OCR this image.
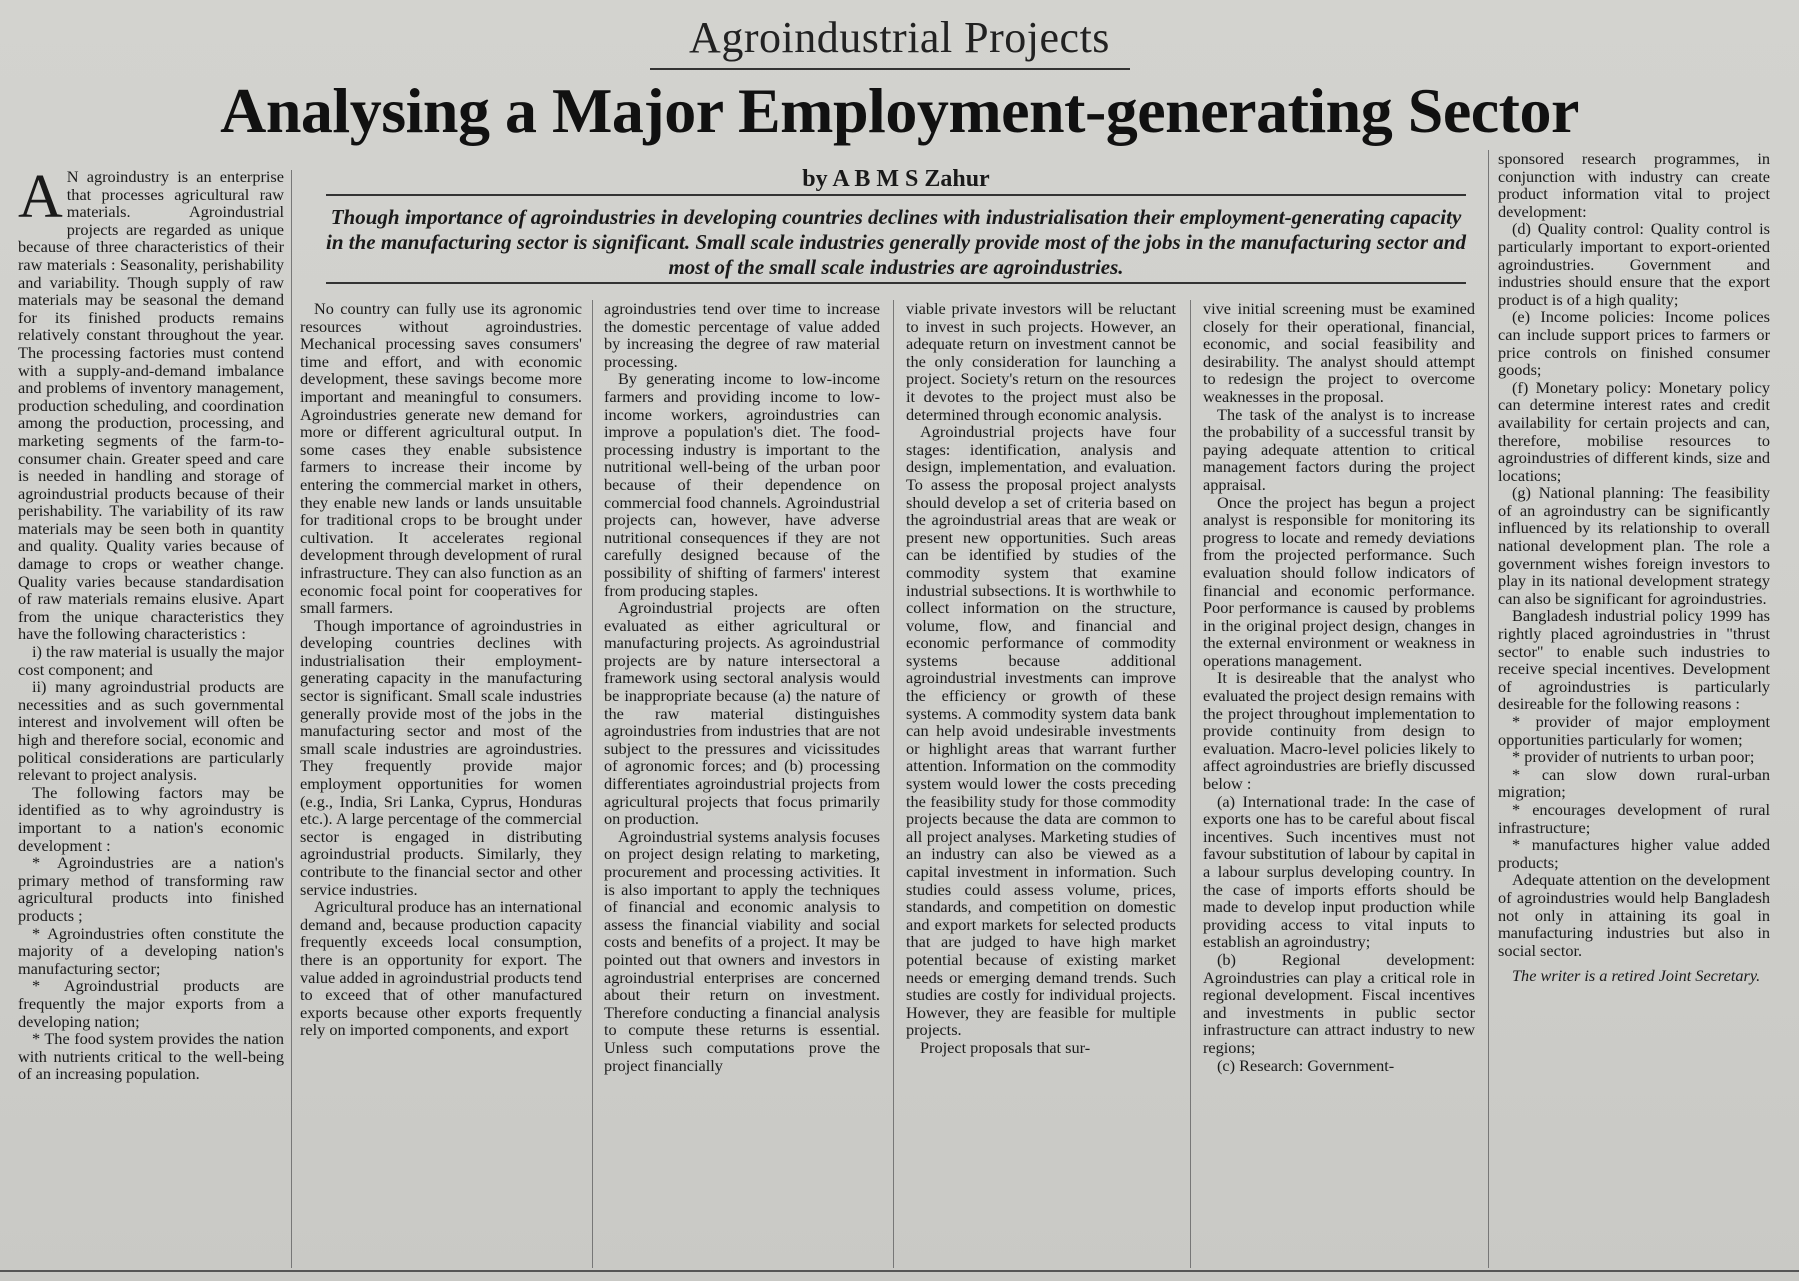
Agroindustrial Projects
Analysing a Major Employment-generating Sector
by A B M S Zahur
Though importance of agroindustries in developing countries declines with industrialisation their employment-generating capacity in the manufacturing sector is significant. Small scale industries generally provide most of the jobs in the manufacturing sector and most of the small scale industries are agroindustries.

A N agroindustry is an enterprise that processes agricultural raw materials. Agroindustrial projects are regarded as unique because of three characteristics of their raw materials : Seasonality, perishability and variability. Though supply of raw materials may be seasonal the demand for its finished products remains relatively constant throughout the year. The processing factories must contend with a supply-and-demand imbalance and problems of inventory management, production scheduling, and coordination among the production, processing, and marketing segments of the farm-to-consumer chain. Greater speed and care is needed in handling and storage of agroindustrial products because of their perishability. The variability of its raw materials may be seen both in quantity and quality. Quality varies because of damage to crops or weather change. Quality varies because standardisation of raw materials remains elusive. Apart from the unique characteristics they have the following characteristics :

i) the raw material is usually the major cost component; and

ii) many agroindustrial products are necessities and as such governmental interest and involvement will often be high and therefore social, economic and political considerations are particularly relevant to project analysis.

The following factors may be identified as to why agroindustry is important to a nation's economic development :

* Agroindustries are a nation's primary method of transforming raw agricultural products into finished products ;

* Agroindustries often constitute the majority of a developing nation's manufacturing sector;

* Agroindustrial products are frequently the major exports from a developing nation;

* The food system provides the nation with nutrients critical to the well-being of an increasing population.

No country can fully use its agronomic resources without agroindustries. Mechanical processing saves consumers' time and effort, and with economic development, these savings become more important and meaningful to consumers. Agroindustries generate new demand for more or different agricultural output. In some cases they enable subsistence farmers to increase their income by entering the commercial market in others, they enable new lands or lands unsuitable for traditional crops to be brought under cultivation. It accelerates regional development through development of rural infrastructure. They can also function as an economic focal point for cooperatives for small farmers.

Though importance of agroindustries in developing countries declines with industrialisation their employment-generating capacity in the manufacturing sector is significant. Small scale industries generally provide most of the jobs in the manufacturing sector and most of the small scale industries are agroindustries. They frequently provide major employment opportunities for women (e.g., India, Sri Lanka, Cyprus, Honduras etc.). A large percentage of the commercial sector is engaged in distributing agroindustrial products. Similarly, they contribute to the financial sector and other service industries.

Agricultural produce has an international demand and, because production capacity frequently exceeds local consumption, there is an opportunity for export. The value added in agroindustrial products tend to exceed that of other manufactured exports because other exports frequently rely on imported components, and export

agroindustries tend over time to increase the domestic percentage of value added by increasing the degree of raw material processing.

By generating income to low-income farmers and providing income to low-income workers, agroindustries can improve a population's diet. The food-processing industry is important to the nutritional well-being of the urban poor because of their dependence on commercial food channels. Agroindustrial projects can, however, have adverse nutritional consequences if they are not carefully designed because of the possibility of shifting of farmers' interest from producing staples.

Agroindustrial projects are often evaluated as either agricultural or manufacturing projects. As agroindustrial projects are by nature intersectoral a framework using sectoral analysis would be inappropriate because (a) the nature of the raw material distinguishes agroindustries from industries that are not subject to the pressures and vicissitudes of agronomic forces; and (b) processing differentiates agroindustrial projects from agricultural projects that focus primarily on production.

Agroindustrial systems analysis focuses on project design relating to marketing, procurement and processing activities. It is also important to apply the techniques of financial and economic analysis to assess the financial viability and social costs and benefits of a project. It may be pointed out that owners and investors in agroindustrial enterprises are concerned about their return on investment. Therefore conducting a financial analysis to compute these returns is essential. Unless such computations prove the project financially

viable private investors will be reluctant to invest in such projects. However, an adequate return on investment cannot be the only consideration for launching a project. Society's return on the resources it devotes to the project must also be determined through economic analysis.

Agroindustrial projects have four stages: identification, analysis and design, implementation, and evaluation. To assess the proposal project analysts should develop a set of criteria based on the agroindustrial areas that are weak or present new opportunities. Such areas can be identified by studies of the commodity system that examine industrial subsections. It is worthwhile to collect information on the structure, volume, flow, and financial and economic performance of commodity systems because additional agroindustrial investments can improve the efficiency or growth of these systems. A commodity system data bank can help avoid undesirable investments or highlight areas that warrant further attention. Information on the commodity system would lower the costs preceding the feasibility study for those commodity projects because the data are common to all project analyses. Marketing studies of an industry can also be viewed as a capital investment in information. Such studies could assess volume, prices, standards, and competition on domestic and export markets for selected products that are judged to have high market potential because of existing market needs or emerging demand trends. Such studies are costly for individual projects. However, they are feasible for multiple projects.

Project proposals that sur-

vive initial screening must be examined closely for their operational, financial, economic, and social feasibility and desirability. The analyst should attempt to redesign the project to overcome weaknesses in the proposal.

The task of the analyst is to increase the probability of a successful transit by paying adequate attention to critical management factors during the project appraisal.

Once the project has begun a project analyst is responsible for monitoring its progress to locate and remedy deviations from the projected performance. Such evaluation should follow indicators of financial and economic performance. Poor performance is caused by problems in the original project design, changes in the external environment or weakness in operations management.

It is desireable that the analyst who evaluated the project design remains with the project throughout implementation to provide continuity from design to evaluation. Macro-level policies likely to affect agroindustries are briefly discussed below :

(a) International trade: In the case of exports one has to be careful about fiscal incentives. Such incentives must not favour substitution of labour by capital in a labour surplus developing country. In the case of imports efforts should be made to develop input production while providing access to vital inputs to establish an agroindustry;

(b) Regional development: Agroindustries can play a critical role in regional development. Fiscal incentives and investments in public sector infrastructure can attract industry to new regions;

(c) Research: Government-

sponsored research programmes, in conjunction with industry can create product information vital to project development:

(d) Quality control: Quality control is particularly important to export-oriented agroindustries. Government and industries should ensure that the export product is of a high quality;

(e) Income policies: Income polices can include support prices to farmers or price controls on finished consumer goods;

(f) Monetary policy: Monetary policy can determine interest rates and credit availability for certain projects and can, therefore, mobilise resources to agroindustries of different kinds, size and locations;

(g) National planning: The feasibility of an agroindustry can be significantly influenced by its relationship to overall national development plan. The role a government wishes foreign investors to play in its national development strategy can also be significant for agroindustries.

Bangladesh industrial policy 1999 has rightly placed agroindustries in "thrust sector" to enable such industries to receive special incentives. Development of agroindustries is particularly desireable for the following reasons :

* provider of major employment opportunities particularly for women;

* provider of nutrients to urban poor;

* can slow down rural-urban migration;

* encourages development of rural infrastructure;

* manufactures higher value added products;

Adequate attention on the development of agroindustries would help Bangladesh not only in attaining its goal in manufacturing industries but also in social sector.

The writer is a retired Joint Secretary.
